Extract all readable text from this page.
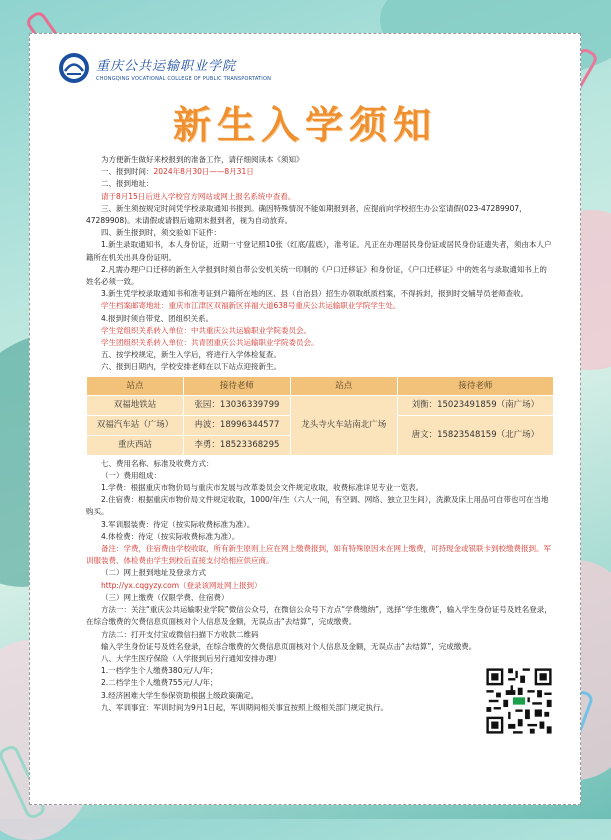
重庆公共运输职业学院
CHONGQING VOCATIONAL COLLEGE OF PUBLIC TRANSPORTATION
新生入学须知

为方便新生做好来校报到的准备工作，请仔细阅读本《须知》

一、报到时间：2024年8月30日——8月31日

二、报到地址：

请于8月15日后进入学校官方网站或网上报名系统中查看。

三、新生须按规定时间凭学校录取通知书报到。确因特殊情况不能如期报到者，应提前向学校招生办公室请假(023-47289907，47289908)。未请假或请假后逾期未报到者，视为自动放弃。

四、新生报到时，须交验如下证件：

1.新生录取通知书，本人身份证，近期一寸登记照10张（红底/蓝底），准考证。凡正在办理居民身份证或居民身份证遗失者，须由本人户籍所在机关出具身份证明。

2.凡需办理户口迁移的新生入学报到时须自带公安机关统一印制的《户口迁移证》和身份证，《户口迁移证》中的姓名与录取通知书上的姓名必须一致。

3.新生凭学校录取通知书和准考证到户籍所在地的区、县（自治县）招生办领取纸质档案，不得拆封，报到时交辅导员老师查收。

学生档案邮寄地址：重庆市江津区双福新区祥福大道638号重庆公共运输职业学院学生处。

4.报到时须自带党、团组织关系。

学生党组织关系转入单位：中共重庆公共运输职业学院委员会。

学生团组织关系转入单位：共青团重庆公共运输职业学院委员会。

五、按学校规定，新生入学后，将进行入学体检复查。

六、报到日期内，学校安排老师在以下站点迎接新生。

站点	接待老师	站点	接待老师
双福地铁站	张园：13036339799	龙头寺火车站南北广场	刘衡：15023491859（南广场）
双福汽车站（广场）	冉波：18996344577		唐文：15823548159（北广场）
重庆西站	李勇：18523368295		

七、费用名称、标准及收费方式：

（一）费用组成：

1.学费：根据重庆市物价局与重庆市发展与改革委员会文件规定收取，收费标准详见专业一览表。

2.住宿费：根据重庆市物价局文件规定收取，1000/年/生（六人一间，有空调、网络、独立卫生间），洗漱及床上用品可自带也可在当地购买。

3.军训服装费：待定（按实际收费标准为准）。

4.体检费：待定（按实际收费标准为准）。

备注：学费，住宿费由学校收取，所有新生原则上应在网上缴费报到，如有特殊原因未在网上缴费，可持现金或银联卡到校缴费报到。军训服装费、体检费由学生到校后直接支付给相应供应商。

（二）网上报到地址及登录方式

http://yx.cqgyzy.com（登录该网址网上报到）

（三）网上缴费（仅限学费、住宿费）

方法一：关注“重庆公共运输职业学院”微信公众号，在微信公众号下方点“学费缴纳”，选择“学生缴费”，输入学生身份证号及姓名登录，在综合缴费的欠费信息页面核对个人信息及金额，无误点击“去结算”，完成缴费。

方法二：打开支付宝或微信扫描下方收款二维码

输入学生身份证号及姓名登录，在综合缴费的欠费信息页面核对个人信息及金额，无误点击“去结算”，完成缴费。

八、大学生医疗保险（入学报到后另行通知安排办理）

1.一档学生个人缴费380元/人/年；

2.二档学生个人缴费755元/人/年；

3.经济困难大学生参保资助根据上级政策确定。

九、军训事宜：军训时间为9月1日起，军训期间相关事宜按照上级相关部门规定执行。
